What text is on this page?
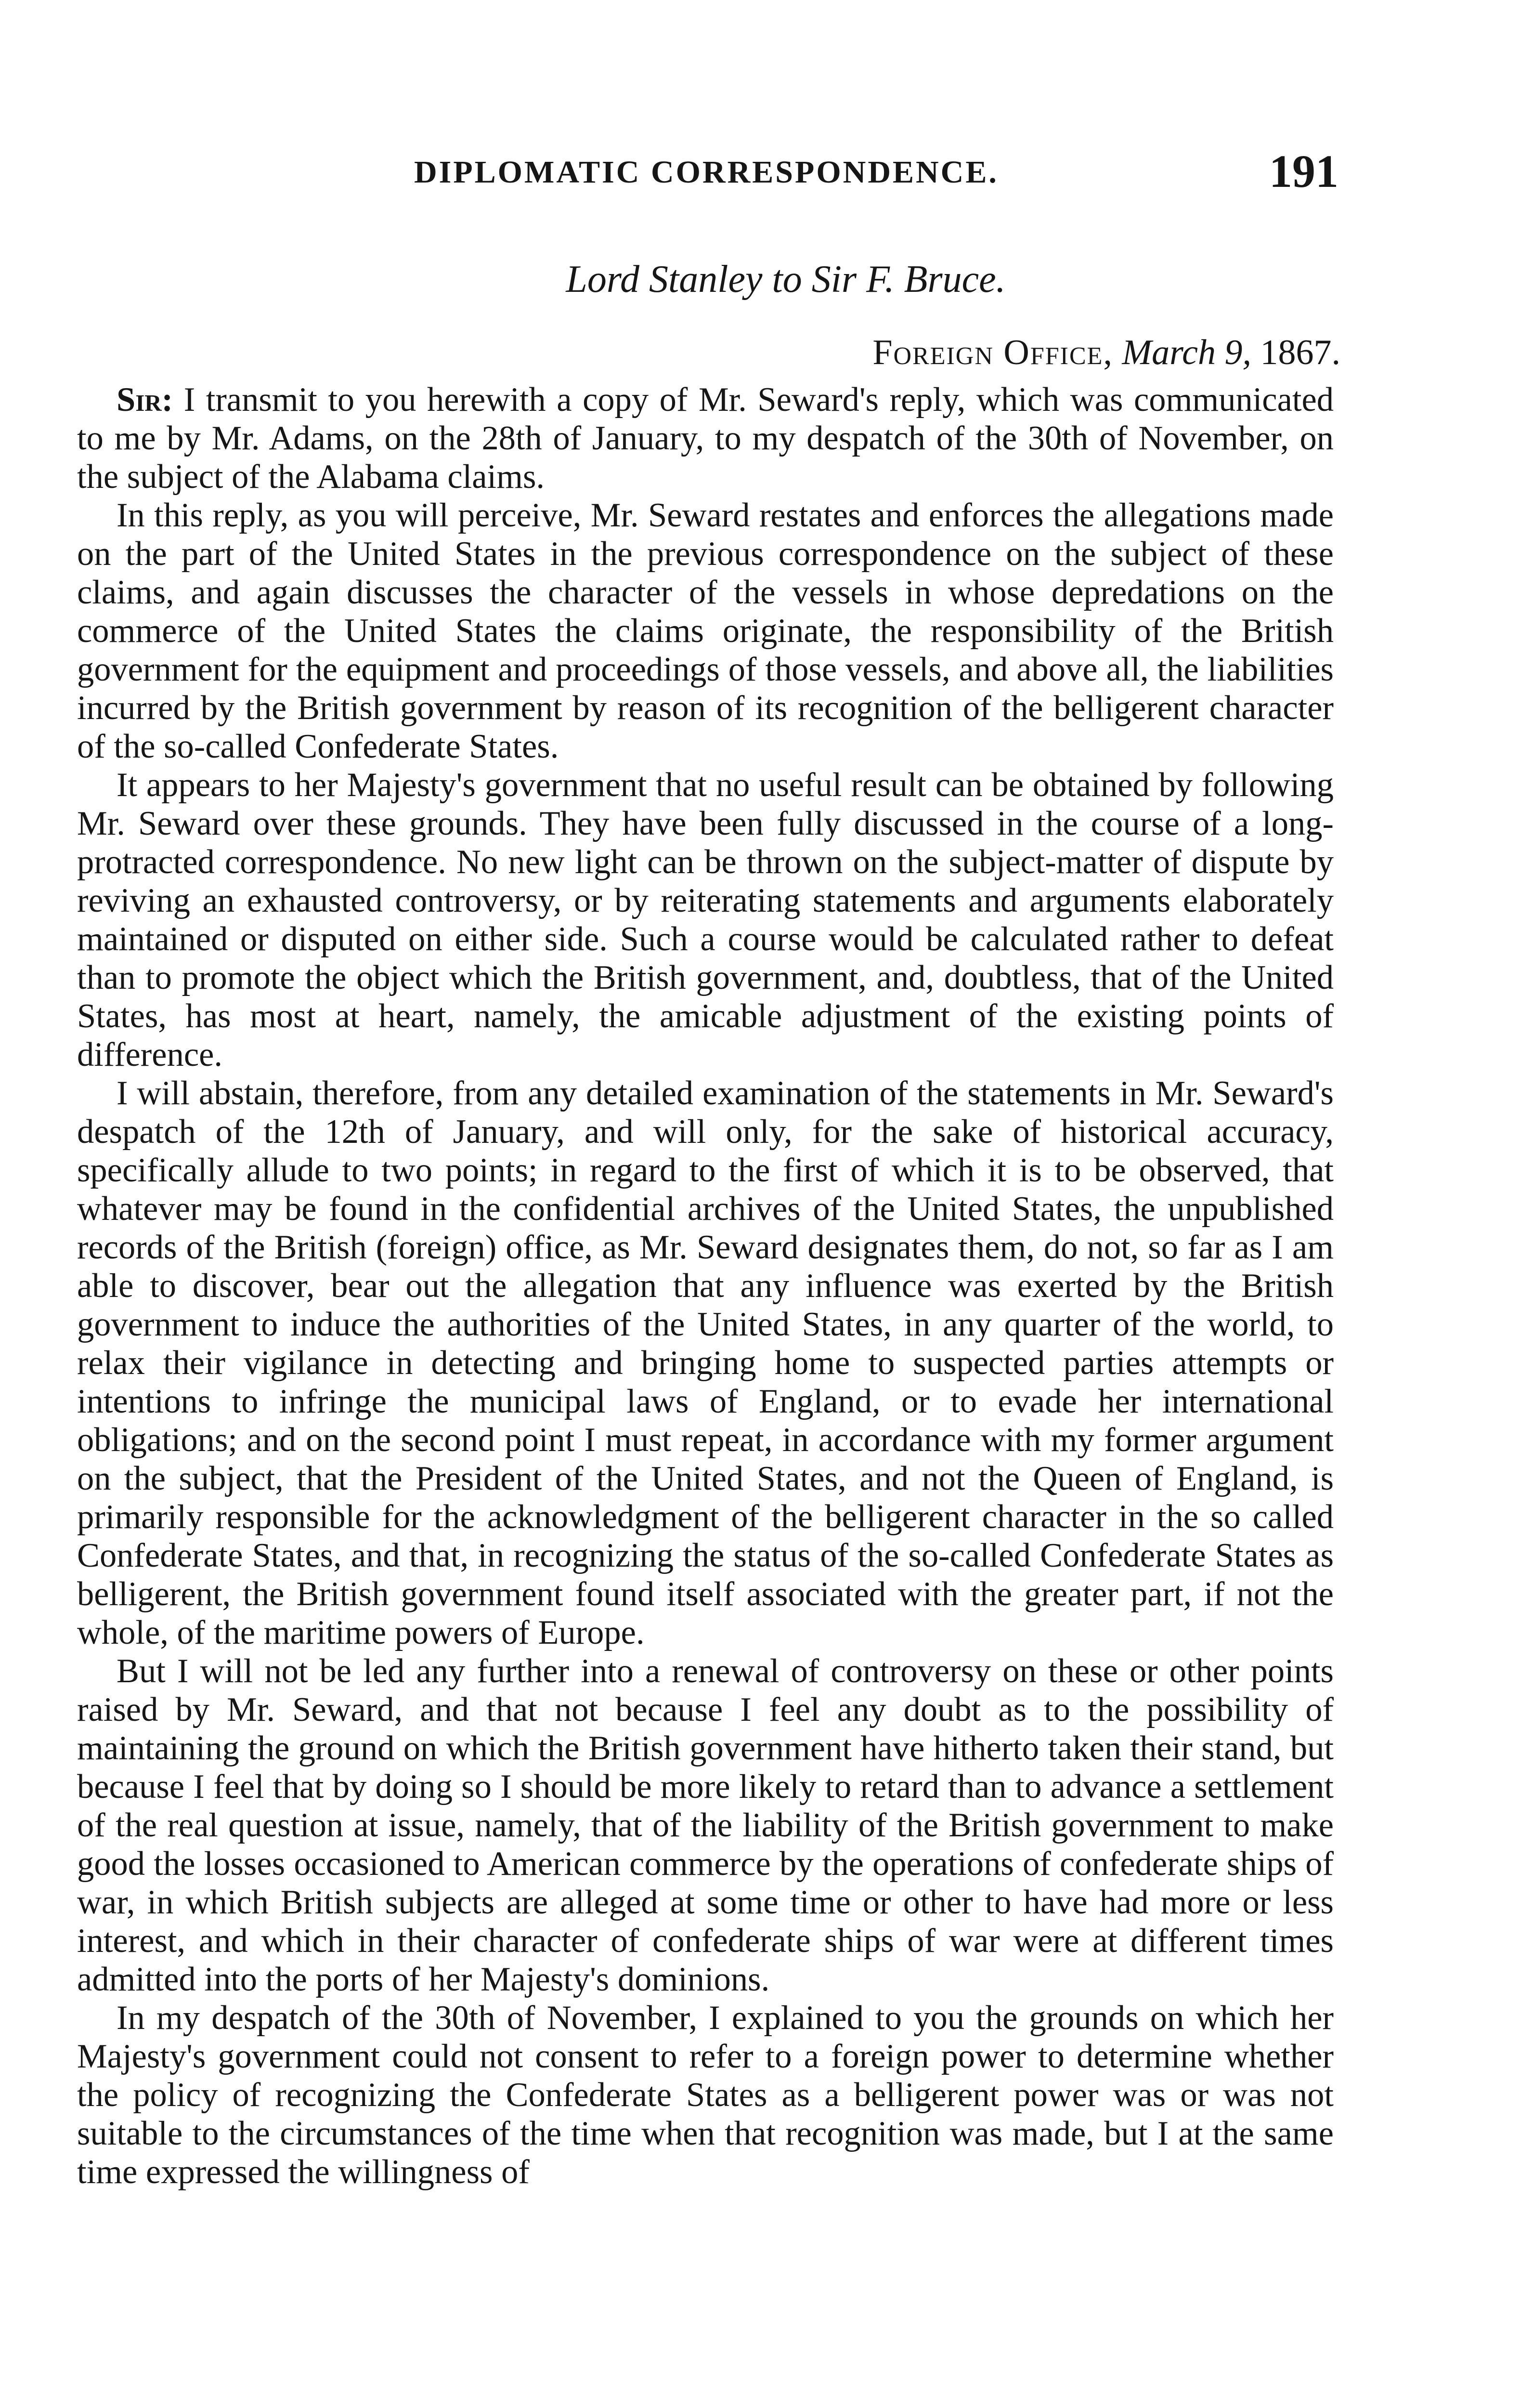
DIPLOMATIC CORRESPONDENCE.	191
Lord Stanley to Sir F. Bruce.
Foreign Office, March 9, 1867.

Sir: I transmit to you herewith a copy of Mr. Seward's reply, which was communicated to me by Mr. Adams, on the 28th of January, to my despatch of the 30th of November, on the subject of the Alabama claims.

In this reply, as you will perceive, Mr. Seward restates and enforces the allegations made on the part of the United States in the previous correspondence on the subject of these claims, and again discusses the character of the vessels in whose depredations on the commerce of the United States the claims originate, the responsibility of the British government for the equipment and proceedings of those vessels, and above all, the liabilities incurred by the British government by reason of its recognition of the belligerent character of the so-called Confederate States.

It appears to her Majesty's government that no useful result can be obtained by following Mr. Seward over these grounds. They have been fully discussed in the course of a long-protracted correspondence. No new light can be thrown on the subject-matter of dispute by reviving an exhausted controversy, or by reiterating statements and arguments elaborately maintained or disputed on either side. Such a course would be calculated rather to defeat than to promote the object which the British government, and, doubtless, that of the United States, has most at heart, namely, the amicable adjustment of the existing points of difference.

I will abstain, therefore, from any detailed examination of the statements in Mr. Seward's despatch of the 12th of January, and will only, for the sake of historical accuracy, specifically allude to two points; in regard to the first of which it is to be observed, that whatever may be found in the confidential archives of the United States, the unpublished records of the British (foreign) office, as Mr. Seward designates them, do not, so far as I am able to discover, bear out the allegation that any influence was exerted by the British government to induce the authorities of the United States, in any quarter of the world, to relax their vigilance in detecting and bringing home to suspected parties attempts or intentions to infringe the municipal laws of England, or to evade her international obligations; and on the second point I must repeat, in accordance with my former argument on the subject, that the President of the United States, and not the Queen of England, is primarily responsible for the acknowledgment of the belligerent character in the so called Confederate States, and that, in recognizing the status of the so-called Confederate States as belligerent, the British government found itself associated with the greater part, if not the whole, of the maritime powers of Europe.

But I will not be led any further into a renewal of controversy on these or other points raised by Mr. Seward, and that not because I feel any doubt as to the possibility of maintaining the ground on which the British government have hitherto taken their stand, but because I feel that by doing so I should be more likely to retard than to advance a settlement of the real question at issue, namely, that of the liability of the British government to make good the losses occasioned to American commerce by the operations of confederate ships of war, in which British subjects are alleged at some time or other to have had more or less interest, and which in their character of confederate ships of war were at different times admitted into the ports of her Majesty's dominions.

In my despatch of the 30th of November, I explained to you the grounds on which her Majesty's government could not consent to refer to a foreign power to determine whether the policy of recognizing the Confederate States as a belligerent power was or was not suitable to the circumstances of the time when that recognition was made, but I at the same time expressed the willingness of
